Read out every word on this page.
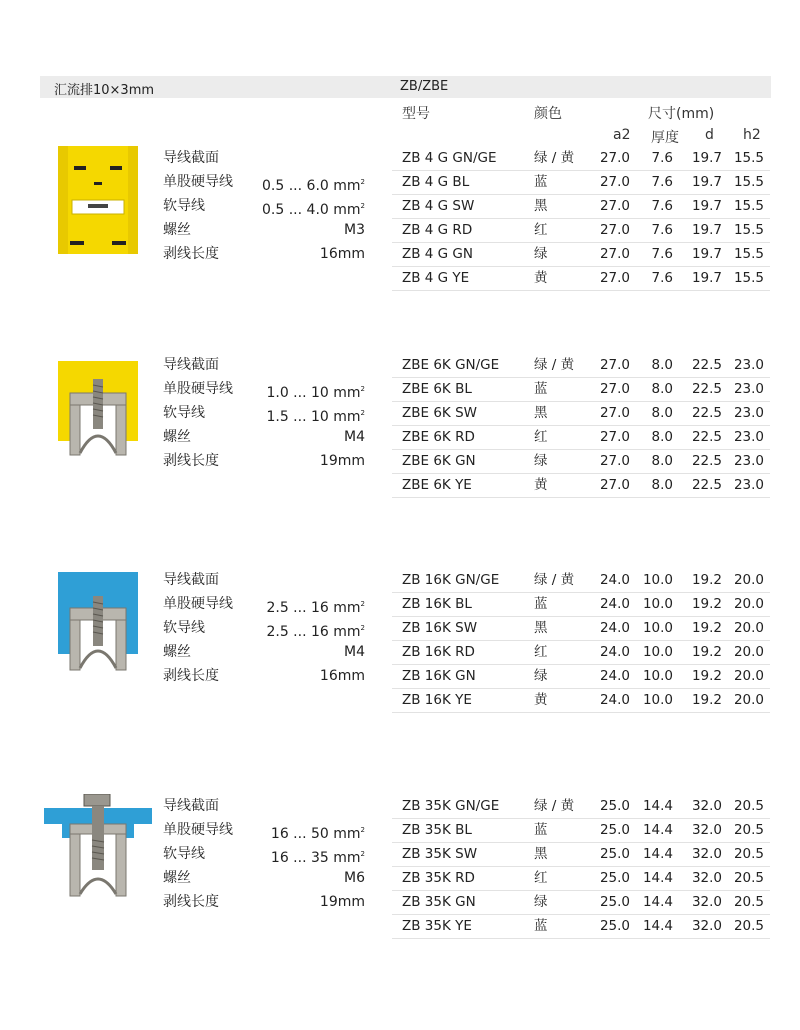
汇流排10×3mm	ZB/ZBE
型号	颜色	尺寸(mm)
a2 厚度 d h2
导线截面
单股硬导线 0.5 ... 6.0 $mm^2$
软导线	0.5 ... 4.0 $mm^2$
螺丝	M3
剥线长度	16mm
导线截面
单股硬导线 1.0 ... 10 $mm^2$
软导线	1.5 ... 10 $mm^2$
螺丝	M4
剥线长度	19mm
导线截面
单股硬导线 2.5 ... 16 $mm^2$
软导线	2.5 ... 16 $mm^2$
螺丝	M4
剥线长度	16mm
导线截面
单股硬导线	16 ... 50 $mm^2$
软导线	16 ... 35 $mm^2$
螺丝	M6
剥线长度	19mm
ZB 4 G GN/GE	绿 / 黄 27.0 7.6 19.7 15.5
ZB 4 G BL	蓝	27.0 7.6 19.7 15.5
ZB 4 G SW	黑	27.0 7.6 19.7 15.5
ZB 4 G RD	红	27.0 7.6 19.7 15.5
ZB 4 G GN	绿	27.0 7.6 19.7 15.5
ZB 4 G YE	黄	27.0 7.6 19.7 15.5
ZBE 6K GN/GE	绿 / 黄 27.0 8.0 22.5 23.0
ZBE 6K BL	蓝	27.0 8.0 22.5 23.0
ZBE 6K SW	黑	27.0 8.0 22.5 23.0
ZBE 6K RD	红	27.0 8.0 22.5 23.0
ZBE 6K GN	绿	27.0 8.0 22.5 23.0
ZBE 6K YE	黄	27.0 8.0 22.5 23.0
ZB 16K GN/GE	绿 / 黄 24.0 10.0 19.2 20.0
ZB 16K BL	蓝	24.0 10.0 19.2 20.0
ZB 16K SW	黑	24.0 10.0 19.2 20.0
ZB 16K RD	红	24.0 10.0 19.2 20.0
ZB 16K GN	绿	24.0 10.0 19.2 20.0
ZB 16K YE	黄	24.0 10.0 19.2 20.0
ZB 35K GN/GE	绿 / 黄 25.0 14.4 32.0 20.5
ZB 35K BL	蓝	25.0 14.4 32.0 20.5
ZB 35K SW	黑	25.0 14.4 32.0 20.5
ZB 35K RD	红	25.0 14.4 32.0 20.5
ZB 35K GN	绿	25.0 14.4 32.0 20.5
ZB 35K YE	蓝	25.0 14.4 32.0 20.5
